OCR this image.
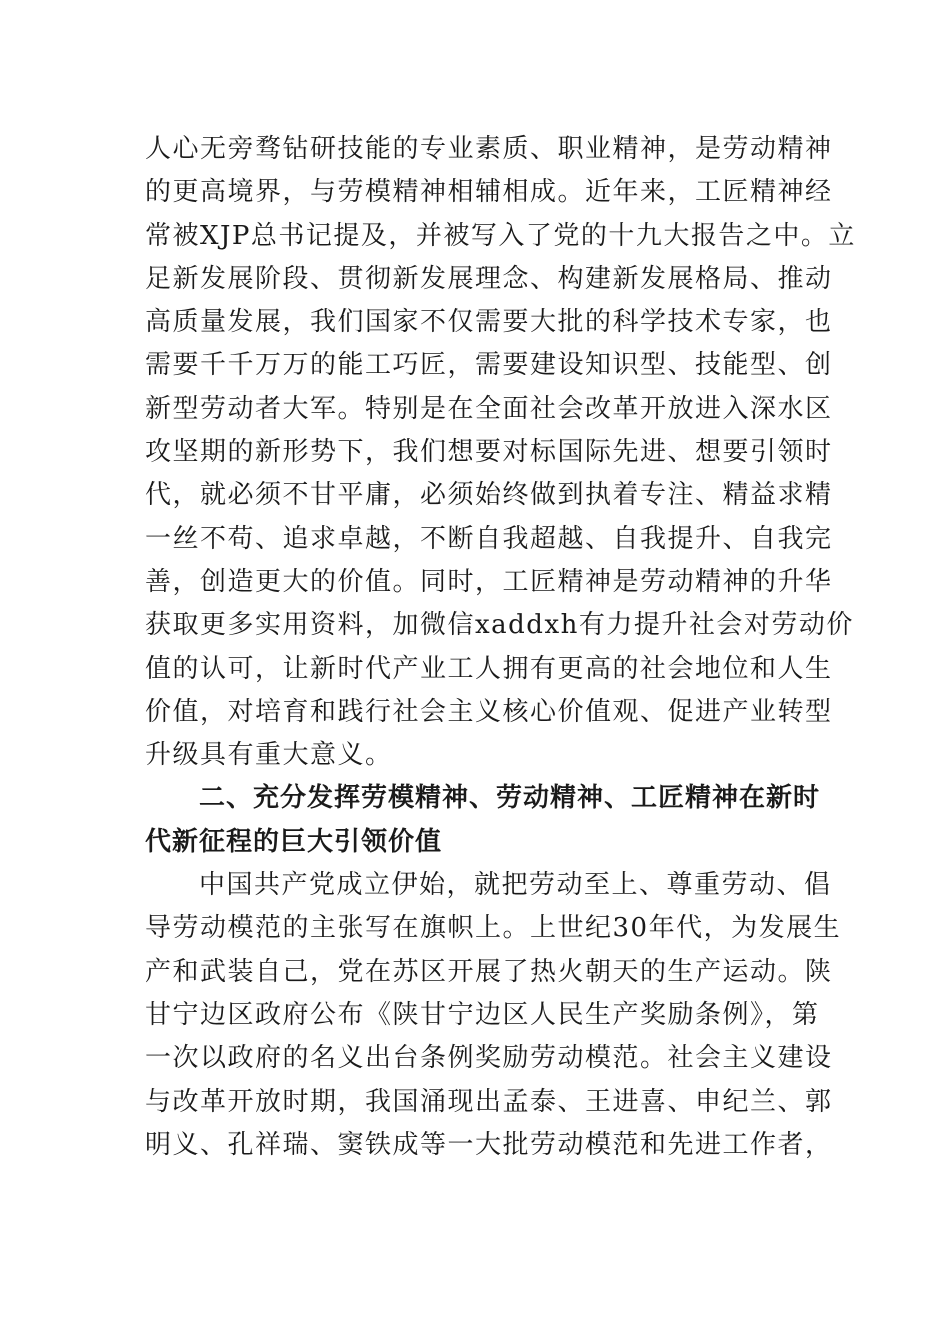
人心无旁骛钻研技能的专业素质、职业精神，是劳动精神
的更高境界，与劳模精神相辅相成。近年来，工匠精神经
常被XJP总书记提及，并被写入了党的十九大报告之中。立
足新发展阶段、贯彻新发展理念、构建新发展格局、推动
高质量发展，我们国家不仅需要大批的科学技术专家，也
需要千千万万的能工巧匠，需要建设知识型、技能型、创
新型劳动者大军。特别是在全面社会改革开放进入深水区
攻坚期的新形势下，我们想要对标国际先进、想要引领时
代，就必须不甘平庸，必须始终做到执着专注、精益求精
一丝不苟、追求卓越，不断自我超越、自我提升、自我完
善，创造更大的价值。同时，工匠精神是劳动精神的升华
获取更多实用资料，加微信xaddxh有力提升社会对劳动价
值的认可，让新时代产业工人拥有更高的社会地位和人生
价值，对培育和践行社会主义核心价值观、促进产业转型
升级具有重大意义。
二、充分发挥劳模精神、劳动精神、工匠精神在新时
代新征程的巨大引领价值
中国共产党成立伊始，就把劳动至上、尊重劳动、倡
导劳动模范的主张写在旗帜上。上世纪30年代，为发展生
产和武装自己，党在苏区开展了热火朝天的生产运动。陕
甘宁边区政府公布《陕甘宁边区人民生产奖励条例》，第
一次以政府的名义出台条例奖励劳动模范。社会主义建设
与改革开放时期，我国涌现出孟泰、王进喜、申纪兰、郭
明义、孔祥瑞、窦铁成等一大批劳动模范和先进工作者，
